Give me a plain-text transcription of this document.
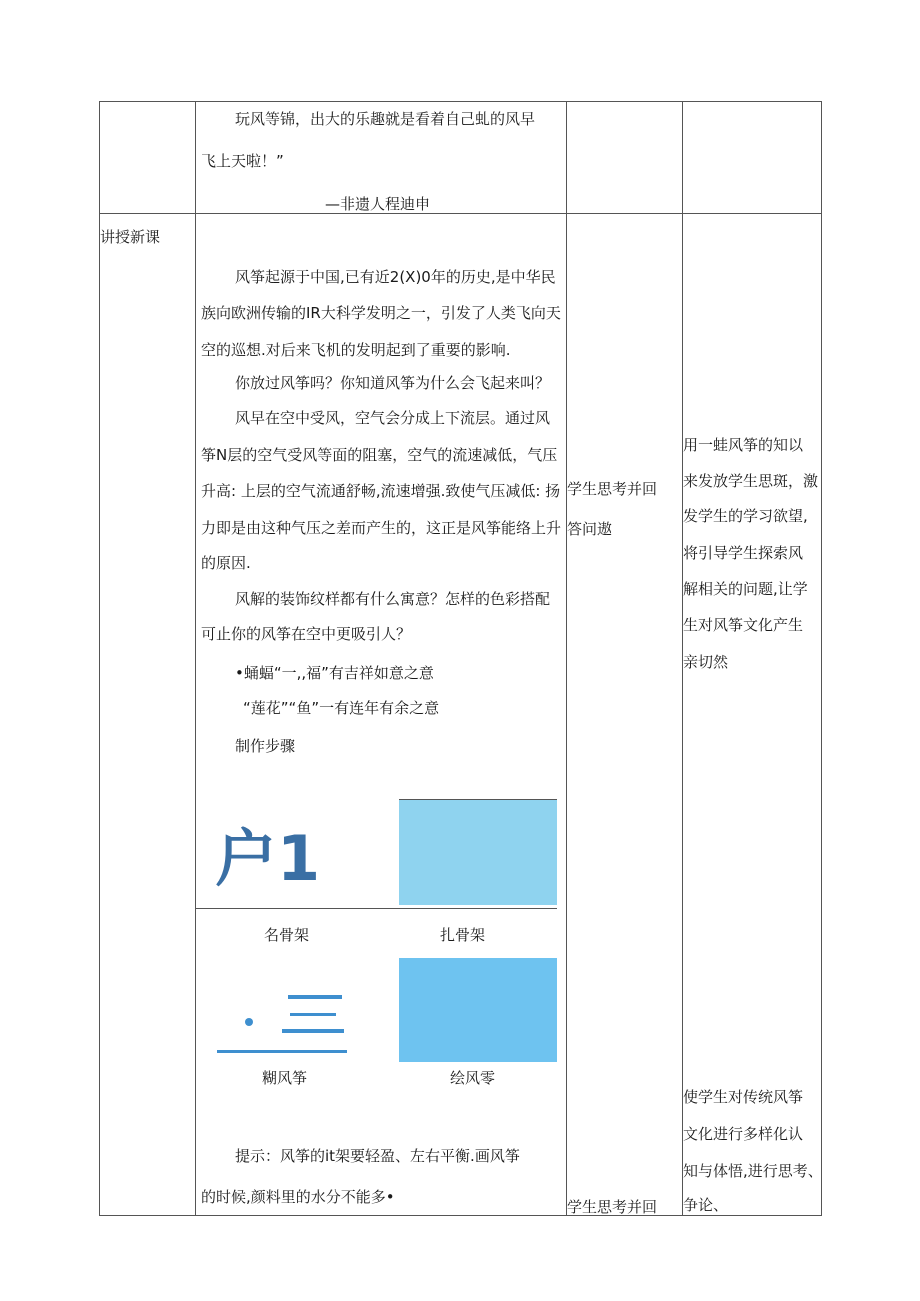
玩风等锦，出大的乐趣就是看着自己虬的风早
飞上天啦！”
—非遗人程迪申
讲授新课
风筝起源于中国,已有近2(X)0年的历史,是中华民
族向欧洲传输的IR大科学发明之一，引发了人类飞向天
空的巡想.对后来飞机的发明起到了重要的影响.
你放过风筝吗？你知道风筝为什么会飞起来叫？
风早在空中受风，空气会分成上下流层。通过风
筝N层的空气受风等面的阻塞，空气的流速减低，气压
升高: 上层的空气流通舒畅,流速增强.致使气压减低: 扬
力即是由这种气压之差而产生的，这正是风筝能络上升
的原因.
风解的装饰纹样都有什么寓意？怎样的色彩搭配
可止你的风筝在空中更吸引人？
•蛹蝠“一,,福”有吉祥如意之意
“莲花”“鱼”一有连年有余之意
制作步骤
户1
名骨架	扎骨架
糊风筝	绘风零
提示：风筝的it架要轻盈、左右平衡.画风筝
的时候,颜料里的水分不能多•
学生思考并回
答问遨
学生思考并回
用一蛙风筝的知以
来发放学生思斑，激
发学生的学习欲望,
将引导学生探索风
解相关的问题,让学
生对风筝文化产生
亲切然
使学生对传统风筝
文化进行多样化认
知与体悟,进行思考、
争论、
